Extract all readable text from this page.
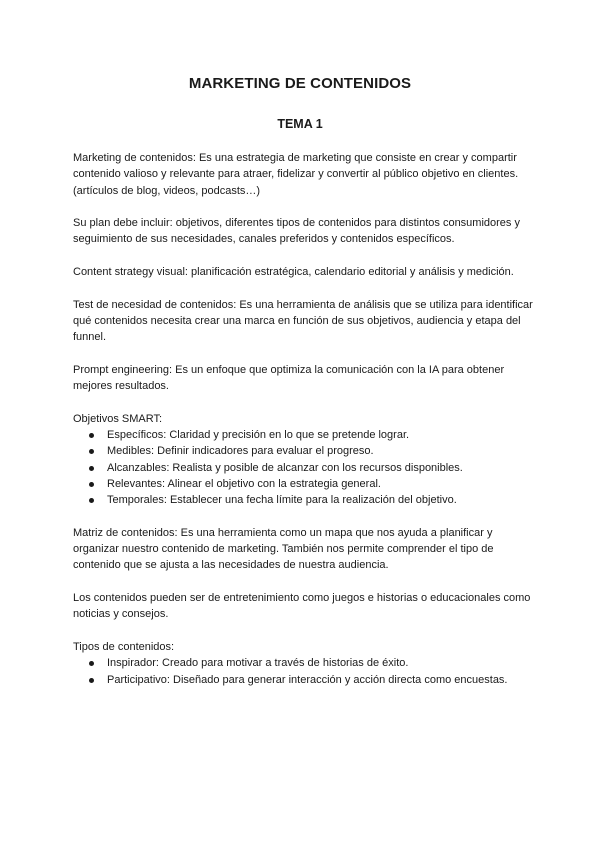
MARKETING DE CONTENIDOS
TEMA 1

Marketing de contenidos: Es una estrategia de marketing que consiste en crear y compartir contenido valioso y relevante para atraer, fidelizar y convertir al público objetivo en clientes. (artículos de blog, videos, podcasts…)

Su plan debe incluir: objetivos, diferentes tipos de contenidos para distintos consumidores y seguimiento de sus necesidades, canales preferidos y contenidos específicos.

Content strategy visual: planificación estratégica, calendario editorial y análisis y medición.

Test de necesidad de contenidos: Es una herramienta de análisis que se utiliza para identificar qué contenidos necesita crear una marca en función de sus objetivos, audiencia y etapa del funnel.

Prompt engineering: Es un enfoque que optimiza la comunicación con la IA para obtener mejores resultados.

Objetivos SMART:
Específicos: Claridad y precisión en lo que se pretende lograr.
Medibles: Definir indicadores para evaluar el progreso.
Alcanzables: Realista y posible de alcanzar con los recursos disponibles.
Relevantes: Alinear el objetivo con la estrategia general.
Temporales: Establecer una fecha límite para la realización del objetivo.

Matriz de contenidos: Es una herramienta como un mapa que nos ayuda a planificar y organizar nuestro contenido de marketing. También nos permite comprender el tipo de contenido que se ajusta a las necesidades de nuestra audiencia.

Los contenidos pueden ser de entretenimiento como juegos e historias o educacionales como noticias y consejos.

Tipos de contenidos:
Inspirador: Creado para motivar a través de historias de éxito.
Participativo: Diseñado para generar interacción y acción directa como encuestas.
